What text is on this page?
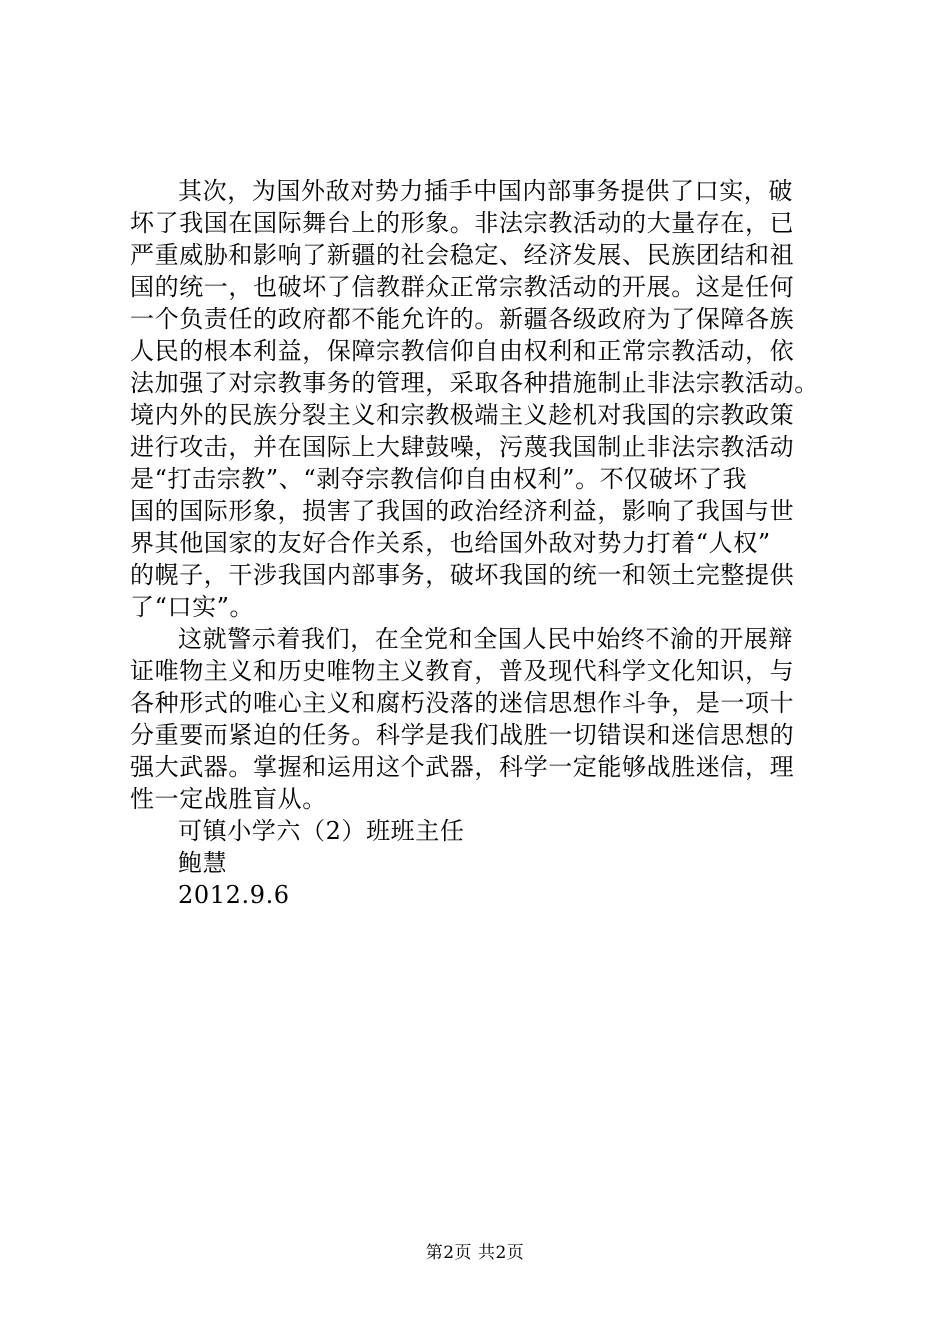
其次，为国外敌对势力插手中国内部事务提供了口实，破
坏了我国在国际舞台上的形象。非法宗教活动的大量存在，已
严重威胁和影响了新疆的社会稳定、经济发展、民族团结和祖
国的统一，也破坏了信教群众正常宗教活动的开展。这是任何
一个负责任的政府都不能允许的。新疆各级政府为了保障各族
人民的根本利益，保障宗教信仰自由权利和正常宗教活动，依
法加强了对宗教事务的管理，采取各种措施制止非法宗教活动。
境内外的民族分裂主义和宗教极端主义趁机对我国的宗教政策
进行攻击，并在国际上大肆鼓噪，污蔑我国制止非法宗教活动
是“打击宗教”、“剥夺宗教信仰自由权利”。不仅破坏了我
国的国际形象，损害了我国的政治经济利益，影响了我国与世
界其他国家的友好合作关系，也给国外敌对势力打着“人权”
的幌子，干涉我国内部事务，破坏我国的统一和领土完整提供
了“口实”。
这就警示着我们，在全党和全国人民中始终不渝的开展辩
证唯物主义和历史唯物主义教育，普及现代科学文化知识，与
各种形式的唯心主义和腐朽没落的迷信思想作斗争，是一项十
分重要而紧迫的任务。科学是我们战胜一切错误和迷信思想的
强大武器。掌握和运用这个武器，科学一定能够战胜迷信，理
性一定战胜盲从。
可镇小学六（2）班班主任
鲍慧
2012.9.6
第2页 共2页
